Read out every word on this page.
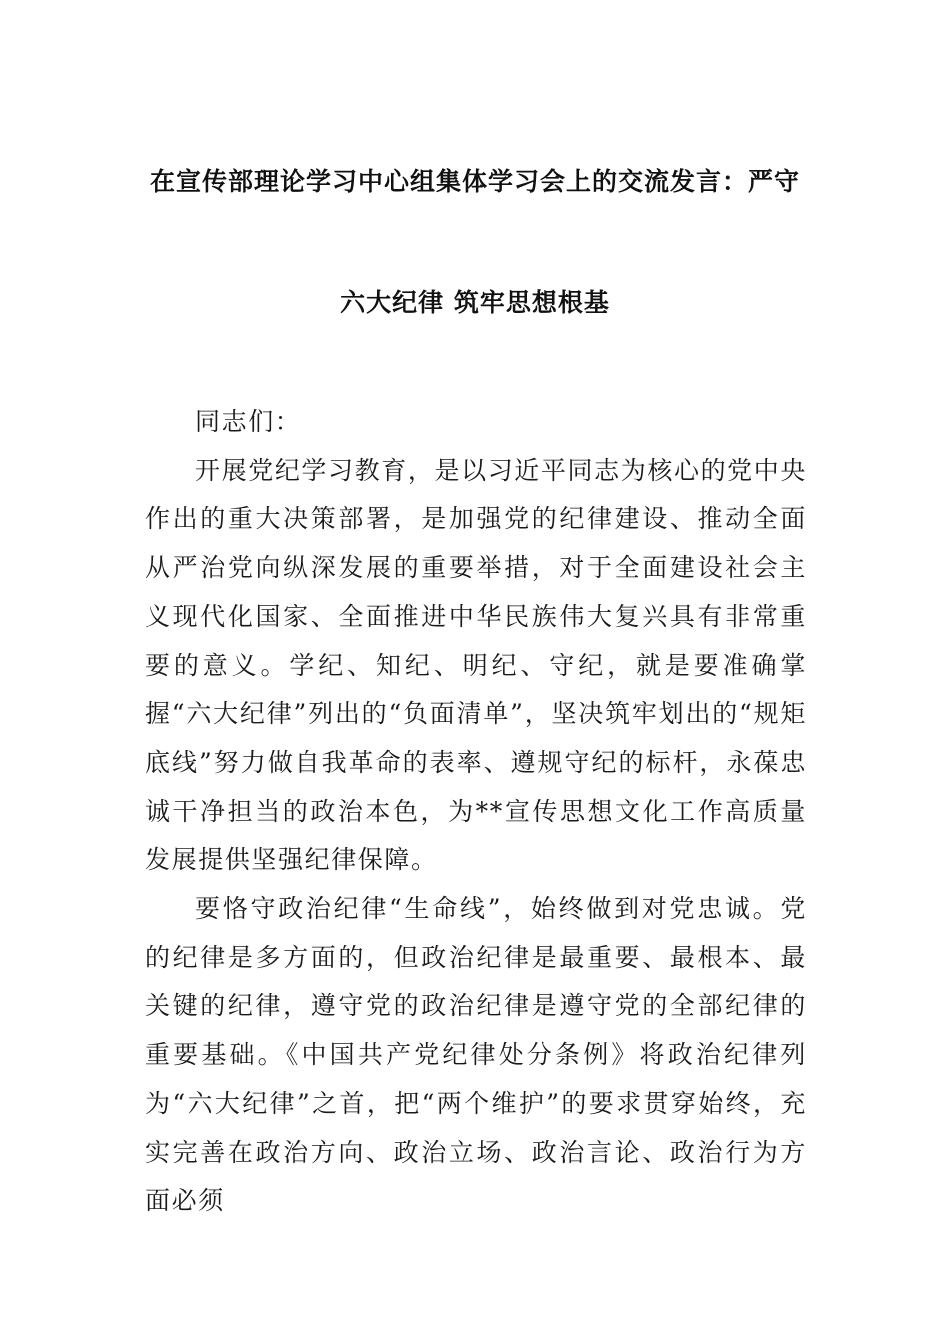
在宣传部理论学习中心组集体学习会上的交流发言：严守
六大纪律 筑牢思想根基

同志们：

开展党纪学习教育，是以习近平同志为核心的党中央作出的重大决策部署，是加强党的纪律建设、推动全面从严治党向纵深发展的重要举措，对于全面建设社会主义现代化国家、全面推进中华民族伟大复兴具有非常重要的意义。学纪、知纪、明纪、守纪，就是要准确掌握“六大纪律”列出的“负面清单”，坚决筑牢划出的“规矩底线”努力做自我革命的表率、遵规守纪的标杆，永葆忠诚干净担当的政治本色，为**宣传思想文化工作高质量发展提供坚强纪律保障。

要恪守政治纪律“生命线”，始终做到对党忠诚。党的纪律是多方面的，但政治纪律是最重要、最根本、最关键的纪律，遵守党的政治纪律是遵守党的全部纪律的重要基础。《中国共产党纪律处分条例》将政治纪律列为“六大纪律”之首，把“两个维护”的要求贯穿始终，充实完善在政治方向、政治立场、政治言论、政治行为方面必须
